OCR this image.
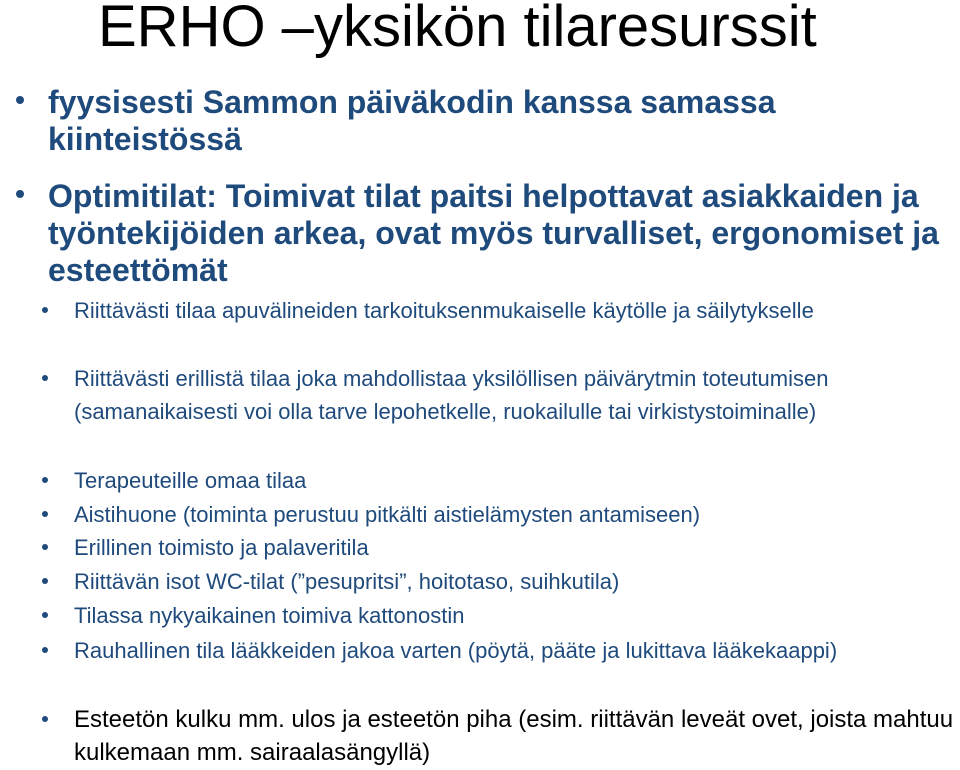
ERHO –yksikön tilaresurssit
fyysisesti Sammon päiväkodin kanssa samassa kiinteistössä
Optimitilat: Toimivat tilat paitsi helpottavat asiakkaiden ja työntekijöiden arkea, ovat myös turvalliset, ergonomiset ja esteettömät
Riittävästi tilaa apuvälineiden tarkoituksenmukaiselle käytölle ja säilytykselle
Riittävästi erillistä tilaa joka mahdollistaa yksilöllisen päivärytmin toteutumisen (samanaikaisesti voi olla tarve lepohetkelle, ruokailulle tai virkistystoiminalle)
Terapeuteille omaa tilaa
Aistihuone (toiminta perustuu pitkälti aistielämysten antamiseen)
Erillinen toimisto ja palaveritila
Riittävän isot WC-tilat (”pesupritsi”, hoitotaso, suihkutila)
Tilassa nykyaikainen toimiva kattonostin
Rauhallinen tila lääkkeiden jakoa varten (pöytä, pääte ja lukittava lääkekaappi)
Esteetön kulku mm. ulos ja esteetön piha (esim. riittävän leveät ovet, joista mahtuu kulkemaan mm. sairaalasängyllä)
